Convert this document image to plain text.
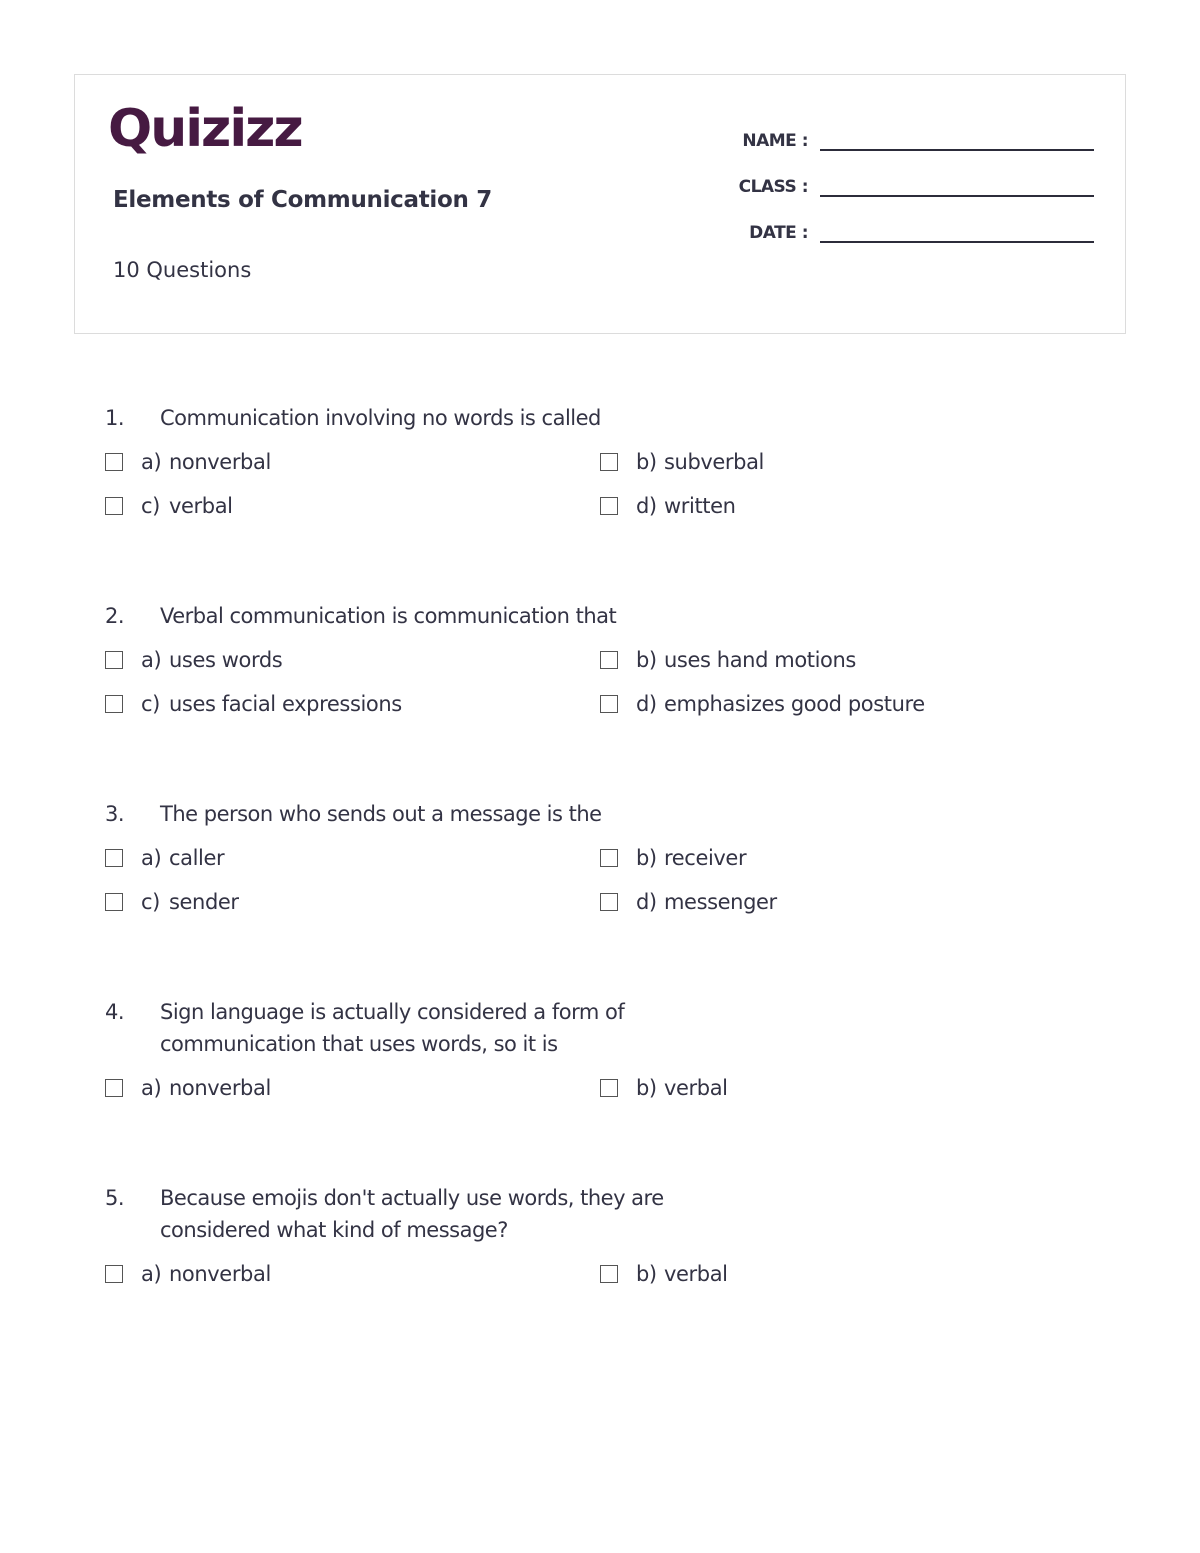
Quizizz
Elements of Communication 7
10 Questions
NAME :
CLASS :
DATE :
1.	Communication involving no words is called
a) nonverbal	b) subverbal
c) verbal	d) written
2.	Verbal communication is communication that
a) uses words	b) uses hand motions
c) uses facial expressions	d) emphasizes good posture
3.	The person who sends out a message is the
a) caller	b) receiver
c) sender	d) messenger
4.	Sign language is actually considered a form of communication that uses words, so it is
a) nonverbal	b) verbal
5.	Because emojis don't actually use words, they are considered what kind of message?
a) nonverbal	b) verbal
